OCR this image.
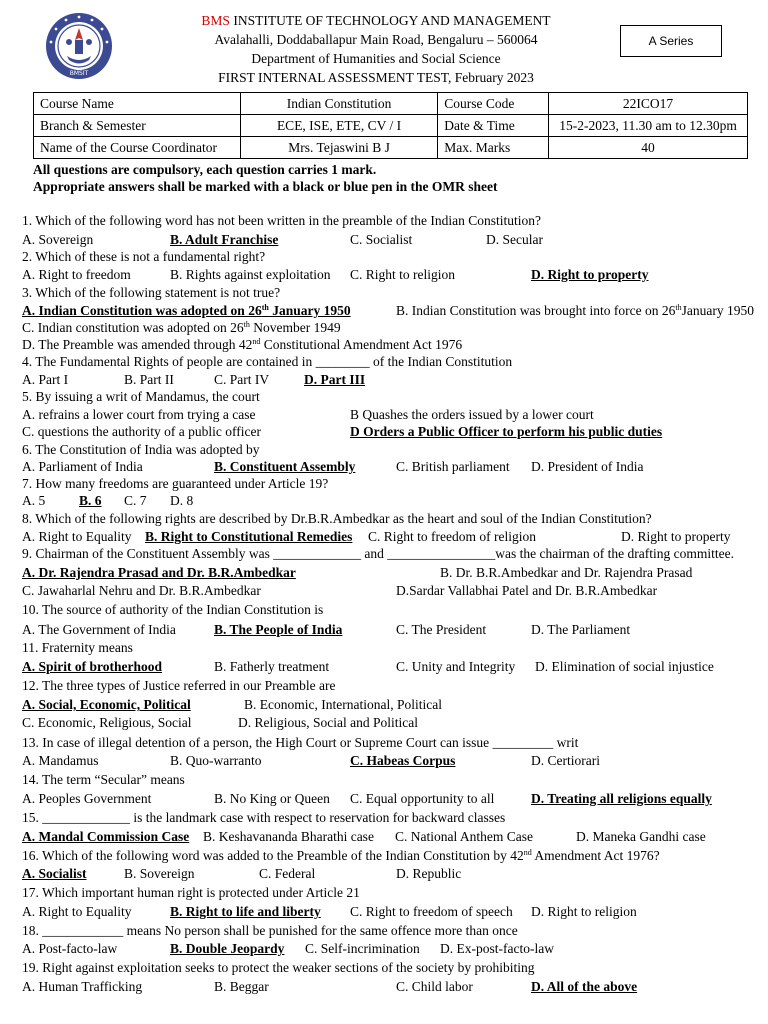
BMSIT
BMS INSTITUTE OF TECHNOLOGY AND MANAGEMENT
Avalahalli, Doddaballapur Main Road, Bengaluru – 560064
Department of Humanities and Social Science
FIRST INTERNAL ASSESSMENT TEST, February 2023
A Series
Course Name	Indian Constitution	Course Code	22ICO17
Branch & Semester	ECE, ISE, ETE, CV / I	Date & Time	15-2-2023, 11.30 am to 12.30pm
Name of the Course Coordinator	Mrs. Tejaswini B J	Max. Marks	40
All questions are compulsory, each question carries 1 mark.
Appropriate answers shall be marked with a black or blue pen in the OMR sheet
1. Which of the following word has not been written in the preamble of the Indian Constitution?
A. Sovereign	B. Adult Franchise	C. Socialist	D. Secular
2. Which of these is not a fundamental right?
A. Right to freedom	B. Rights against exploitation C. Right to religion	D. Right to property
3. Which of the following statement is not true?
A. Indian Constitution was adopted on 26th January 1950	B. Indian Constitution was brought into force on 26thJanuary 1950
C. Indian constitution was adopted on 26th November 1949
D. The Preamble was amended through 42nd Constitutional Amendment Act 1976
4. The Fundamental Rights of people are contained in ________ of the Indian Constitution
A. Part I	B. Part II	C. Part IV	D. Part III
5. By issuing a writ of Mandamus, the court
A. refrains a lower court from trying a case	B Quashes the orders issued by a lower court
C. questions the authority of a public officer	D Orders a Public Officer to perform his public duties
6. The Constitution of India was adopted by
A. Parliament of India	B. Constituent Assembly	C. British parliament D. President of India
7. How many freedoms are guaranteed under Article 19?
A. 5	B. 6 C. 7 D. 8
8. Which of the following rights are described by Dr.B.R.Ambedkar as the heart and soul of the Indian Constitution?
A. Right to Equality B. Right to Constitutional Remedies C. Right to freedom of religion	D. Right to property
9. Chairman of the Constituent Assembly was _____________ and ________________was the chairman of the drafting committee.
A. Dr. Rajendra Prasad and Dr. B.R.Ambedkar	B. Dr. B.R.Ambedkar and Dr. Rajendra Prasad
C. Jawaharlal Nehru and Dr. B.R.Ambedkar	D.Sardar Vallabhai Patel and Dr. B.R.Ambedkar
10. The source of authority of the Indian Constitution is
A. The Government of India	B. The People of India	C. The President	D. The Parliament
11. Fraternity means
A. Spirit of brotherhood	B. Fatherly treatment	C. Unity and Integrity D. Elimination of social injustice
12. The three types of Justice referred in our Preamble are
A. Social, Economic, Political	B. Economic, International, Political
C. Economic, Religious, Social	D. Religious, Social and Political
13. In case of illegal detention of a person, the High Court or Supreme Court can issue _________ writ
A. Mandamus	B. Quo-warranto	C. Habeas Corpus	D. Certiorari
14. The term “Secular” means
A. Peoples Government	B. No King or Queen C. Equal opportunity to all	D. Treating all religions equally
15. _____________ is the landmark case with respect to reservation for backward classes
A. Mandal Commission Case B. Keshavananda Bharathi case C. National Anthem Case	D. Maneka Gandhi case
16. Which of the following word was added to the Preamble of the Indian Constitution by 42nd Amendment Act 1976?
A. Socialist	B. Sovereign	C. Federal	D. Republic
17. Which important human right is protected under Article 21
A. Right to Equality	B. Right to life and liberty C. Right to freedom of speech D. Right to religion
18. ____________ means No person shall be punished for the same offence more than once
A. Post-facto-law	B. Double Jeopardy C. Self-incrimination D. Ex-post-facto-law
19. Right against exploitation seeks to protect the weaker sections of the society by prohibiting
A. Human Trafficking	B. Beggar	C. Child labor	D. All of the above
